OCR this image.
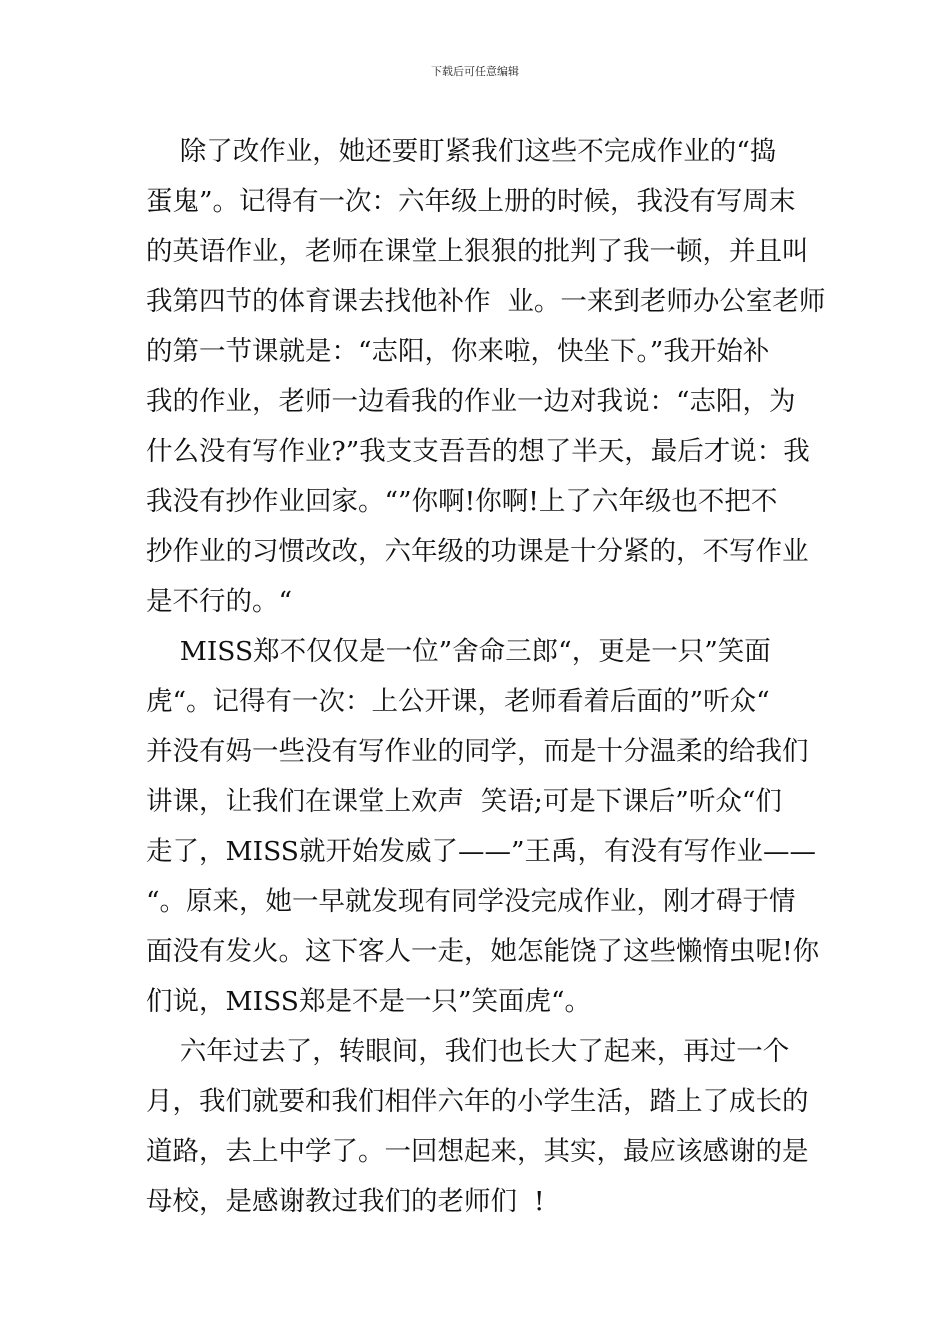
下载后可任意编辑
除了改作业，她还要盯紧我们这些不完成作业的“捣
蛋鬼”。记得有一次：六年级上册的时候，我没有写周末
的英语作业，老师在课堂上狠狠的批判了我一顿，并且叫
我第四节的体育课去找他补作  业。一来到老师办公室老师
的第一节课就是：“志阳，你来啦，快坐下。”我开始补
我的作业，老师一边看我的作业一边对我说：“志阳，为
什么没有写作业?”我支支吾吾的想了半天，最后才说：我
我没有抄作业回家。“”你啊!你啊!上了六年级也不把不
抄作业的习惯改改，六年级的功课是十分紧的，不写作业
是不行的。“
MISS郑不仅仅是一位”舍命三郎“，更是一只”笑面
虎“。记得有一次：上公开课，老师看着后面的”听众“
并没有妈一些没有写作业的同学，而是十分温柔的给我们
讲课，让我们在课堂上欢声  笑语;可是下课后”听众“们
走了，MISS就开始发威了——”王禹，有没有写作业——
“。原来，她一早就发现有同学没完成作业，刚才碍于情
面没有发火。这下客人一走，她怎能饶了这些懒惰虫呢!你
们说，MISS郑是不是一只”笑面虎“。
六年过去了，转眼间，我们也长大了起来，再过一个
月，我们就要和我们相伴六年的小学生活，踏上了成长的
道路，去上中学了。一回想起来，其实，最应该感谢的是
母校，是感谢教过我们的老师们  !
